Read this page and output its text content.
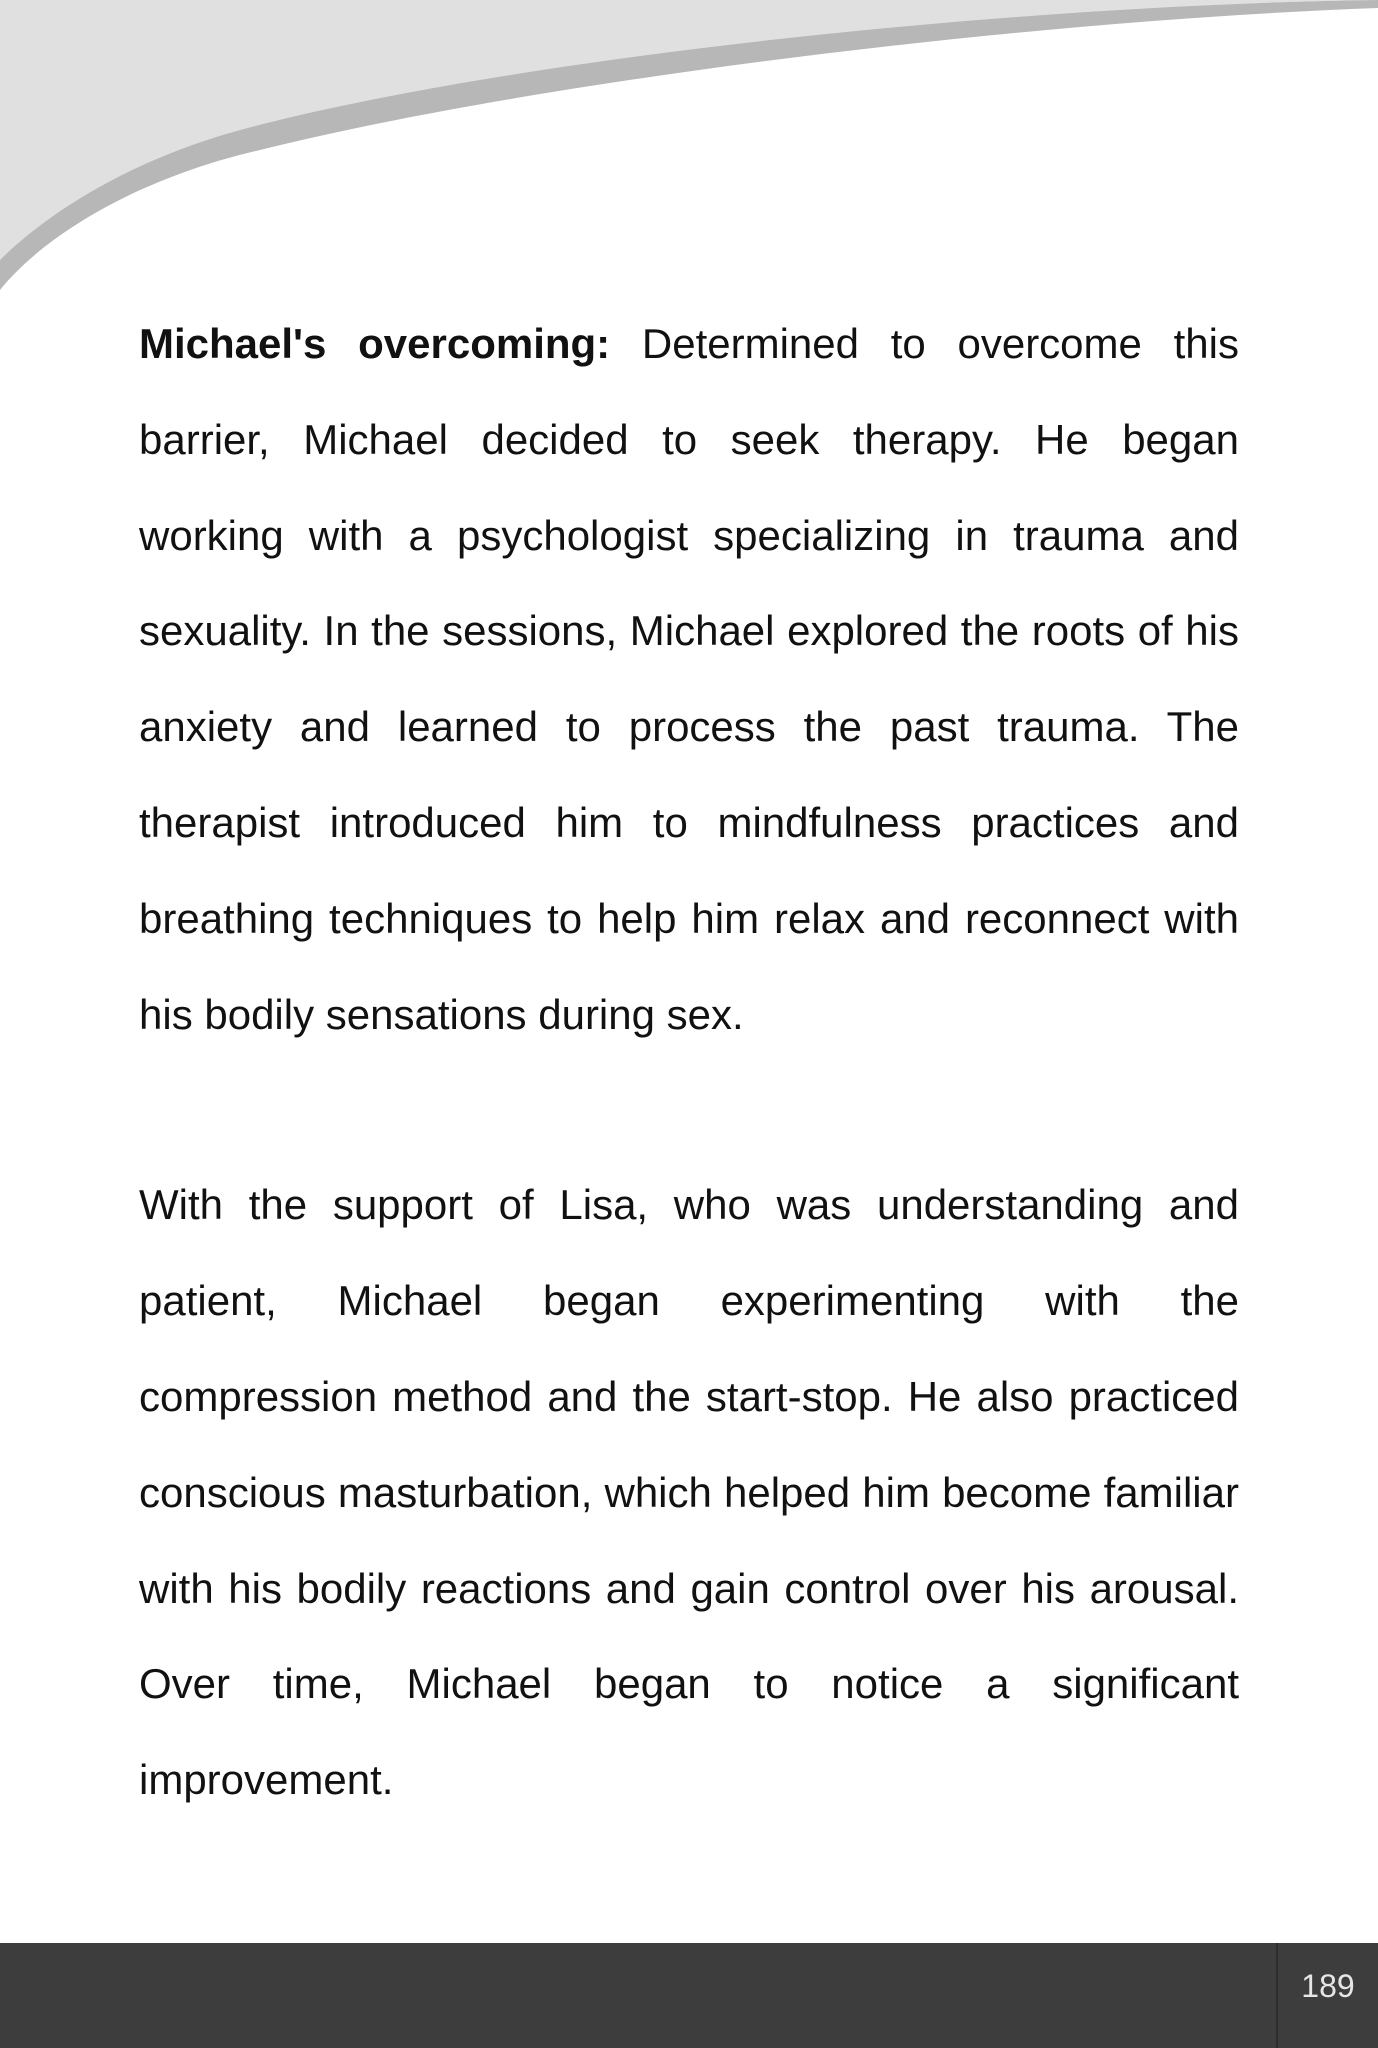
Michael's overcoming: Determined to overcome this barrier, Michael decided to seek therapy. He began working with a psychologist specializing in trauma and sexuality. In the sessions, Michael explored the roots of his anxiety and learned to process the past trauma. The therapist introduced him to mindfulness practices and breathing techniques to help him relax and reconnect with his bodily sensations during sex.

With the support of Lisa, who was understanding and patient, Michael began experimenting with the compression method and the start-stop. He also practiced conscious masturbation, which helped him become familiar with his bodily reactions and gain control over his arousal. Over time, Michael began to notice a significant improvement.

189
